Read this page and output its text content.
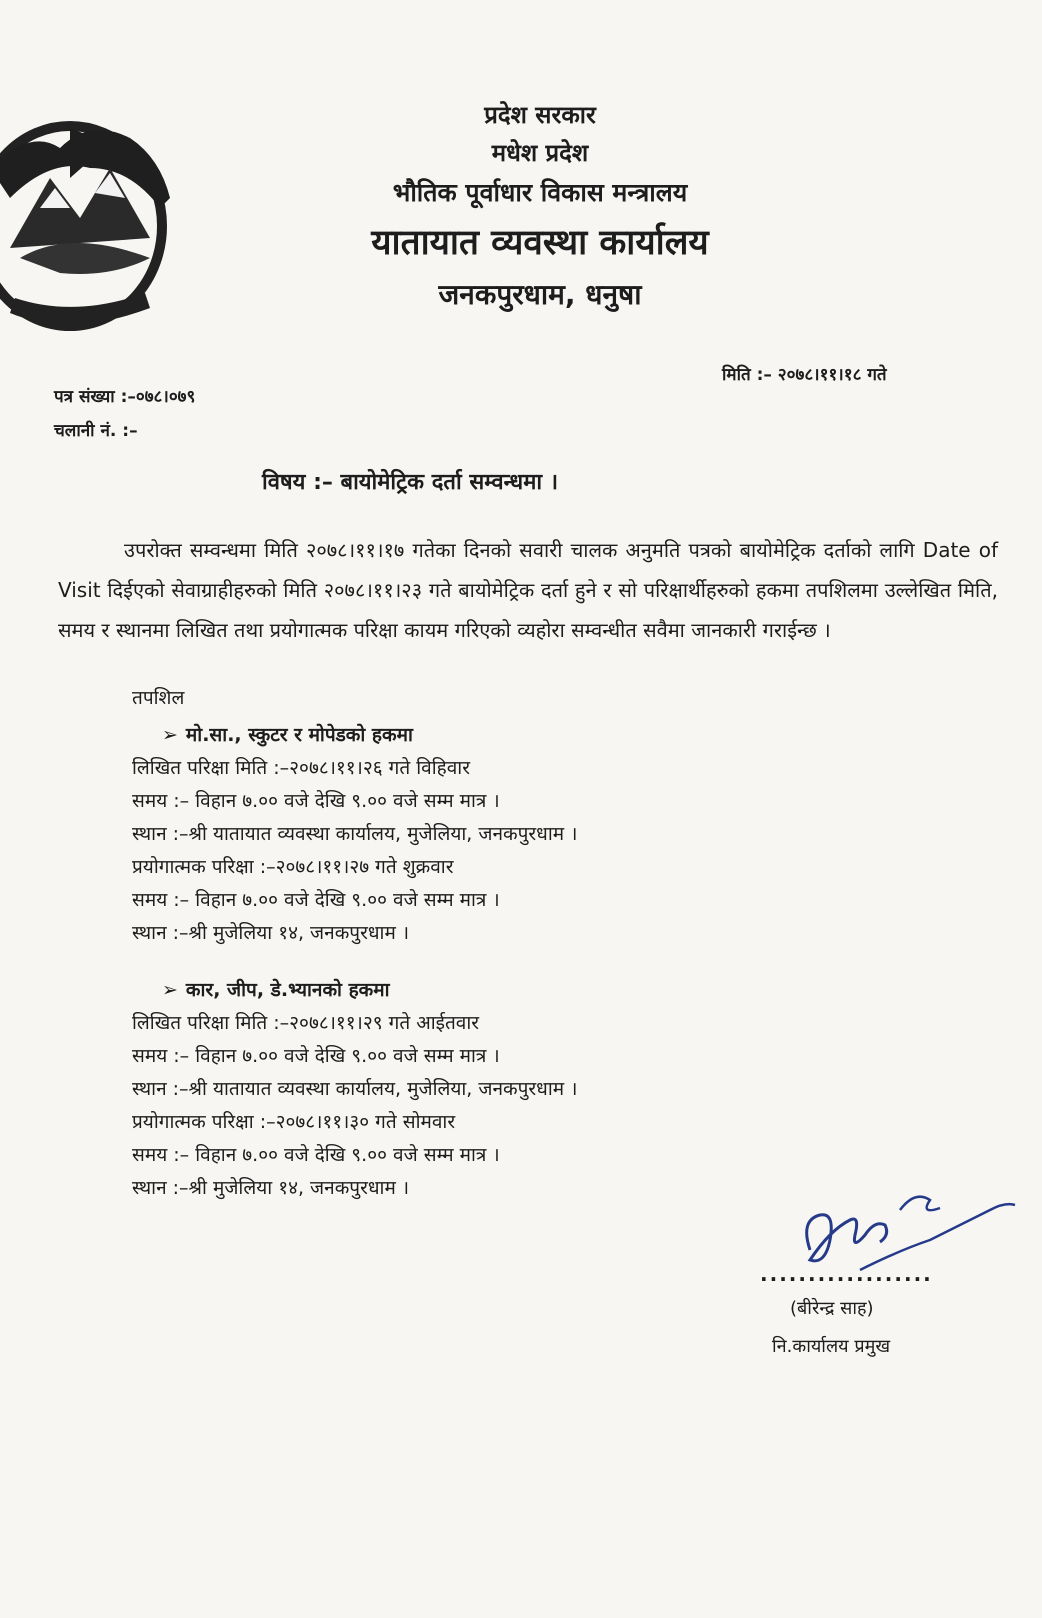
प्रदेश सरकार
मधेश प्रदेश
भौतिक पूर्वाधार विकास मन्त्रालय
यातायात व्यवस्था कार्यालय
जनकपुरधाम, धनुषा
पत्र संख्या :–०७८।०७९
चलानी नं. :–
मिति :– २०७८।११।१८ गते
विषय :– बायोमेट्रिक दर्ता सम्वन्धमा ।
उपरोक्त सम्वन्धमा मिति २०७८।११।१७ गतेका दिनको सवारी चालक अनुमति पत्रको बायोमेट्रिक दर्ताको लागि Date of Visit दिईएको सेवाग्राहीहरुको मिति २०७८।११।२३ गते बायोमेट्रिक दर्ता हुने र सो परिक्षार्थीहरुको हकमा तपशिलमा उल्लेखित मिति, समय र स्थानमा लिखित तथा प्रयोगात्मक परिक्षा कायम गरिएको व्यहोरा सम्वन्धीत सवैमा जानकारी गराईन्छ ।
तपशिल
➢ मो.सा., स्कुटर र मोपेडको हकमा
लिखित परिक्षा मिति :–२०७८।११।२६ गते विहिवार
समय :– विहान ७.०० वजे देखि ९.०० वजे सम्म मात्र ।
स्थान :–श्री यातायात व्यवस्था कार्यालय, मुजेलिया, जनकपुरधाम ।
प्रयोगात्मक परिक्षा :–२०७८।११।२७ गते शुक्रवार
समय :– विहान ७.०० वजे देखि ९.०० वजे सम्म मात्र ।
स्थान :–श्री मुजेलिया १४, जनकपुरधाम ।
➢ कार, जीप, डे.भ्यानको हकमा
लिखित परिक्षा मिति :–२०७८।११।२९ गते आईतवार
समय :– विहान ७.०० वजे देखि ९.०० वजे सम्म मात्र ।
स्थान :–श्री यातायात व्यवस्था कार्यालय, मुजेलिया, जनकपुरधाम ।
प्रयोगात्मक परिक्षा :–२०७८।११।३० गते सोमवार
समय :– विहान ७.०० वजे देखि ९.०० वजे सम्म मात्र ।
स्थान :–श्री मुजेलिया १४, जनकपुरधाम ।
..................
(बीरेन्द्र साह)
नि.कार्यालय प्रमुख
